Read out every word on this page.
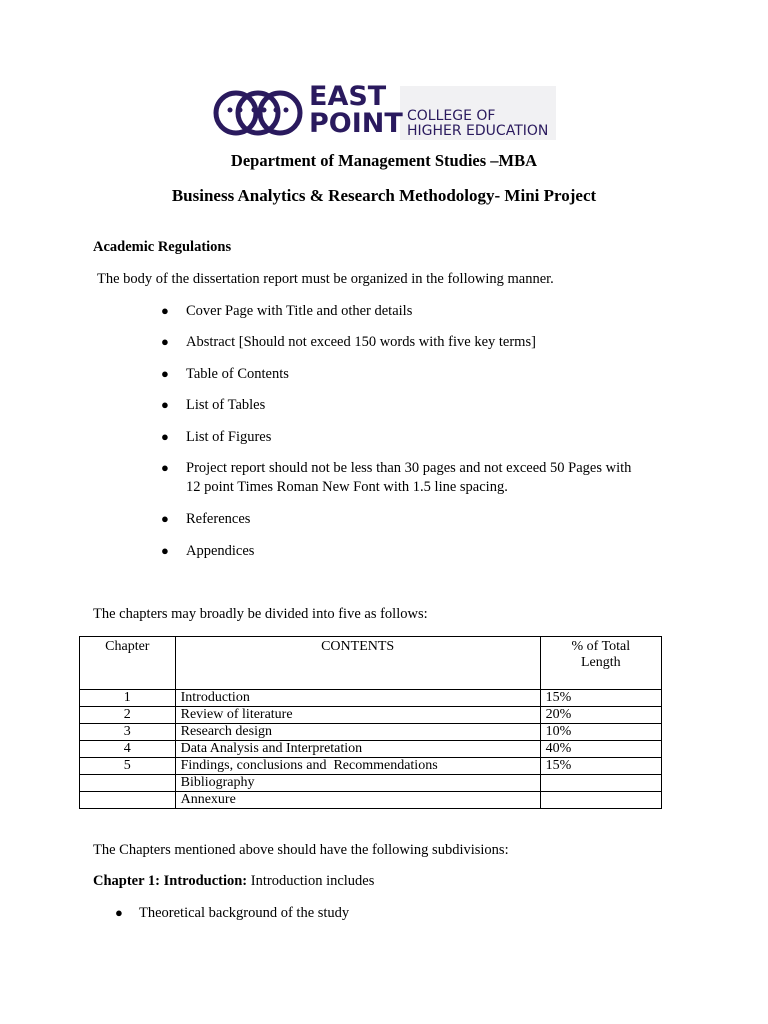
EAST
POINT COLLEGE OF
HIGHER EDUCATION
Department of Management Studies –MBA
Business Analytics & Research Methodology- Mini Project
Academic Regulations
The body of the dissertation report must be organized in the following manner.
● Cover Page with Title and other details
● Abstract [Should not exceed 150 words with five key terms]
● Table of Contents
● List of Tables
● List of Figures
● Project report should not be less than 30 pages and not exceed 50 Pages with
12 point Times Roman New Font with 1.5 line spacing.
● References
● Appendices
The chapters may broadly be divided into five as follows:
Chapter	CONTENTS	% of Total
Length

1	Introduction	15%
2	Review of literature	20%
3	Research design	10%
4	Data Analysis and Interpretation	40%
5	Findings, conclusions and  Recommendations	15%
	Bibliography	
	Annexure	
The Chapters mentioned above should have the following subdivisions:
Chapter 1: Introduction: Introduction includes
● Theoretical background of the study
